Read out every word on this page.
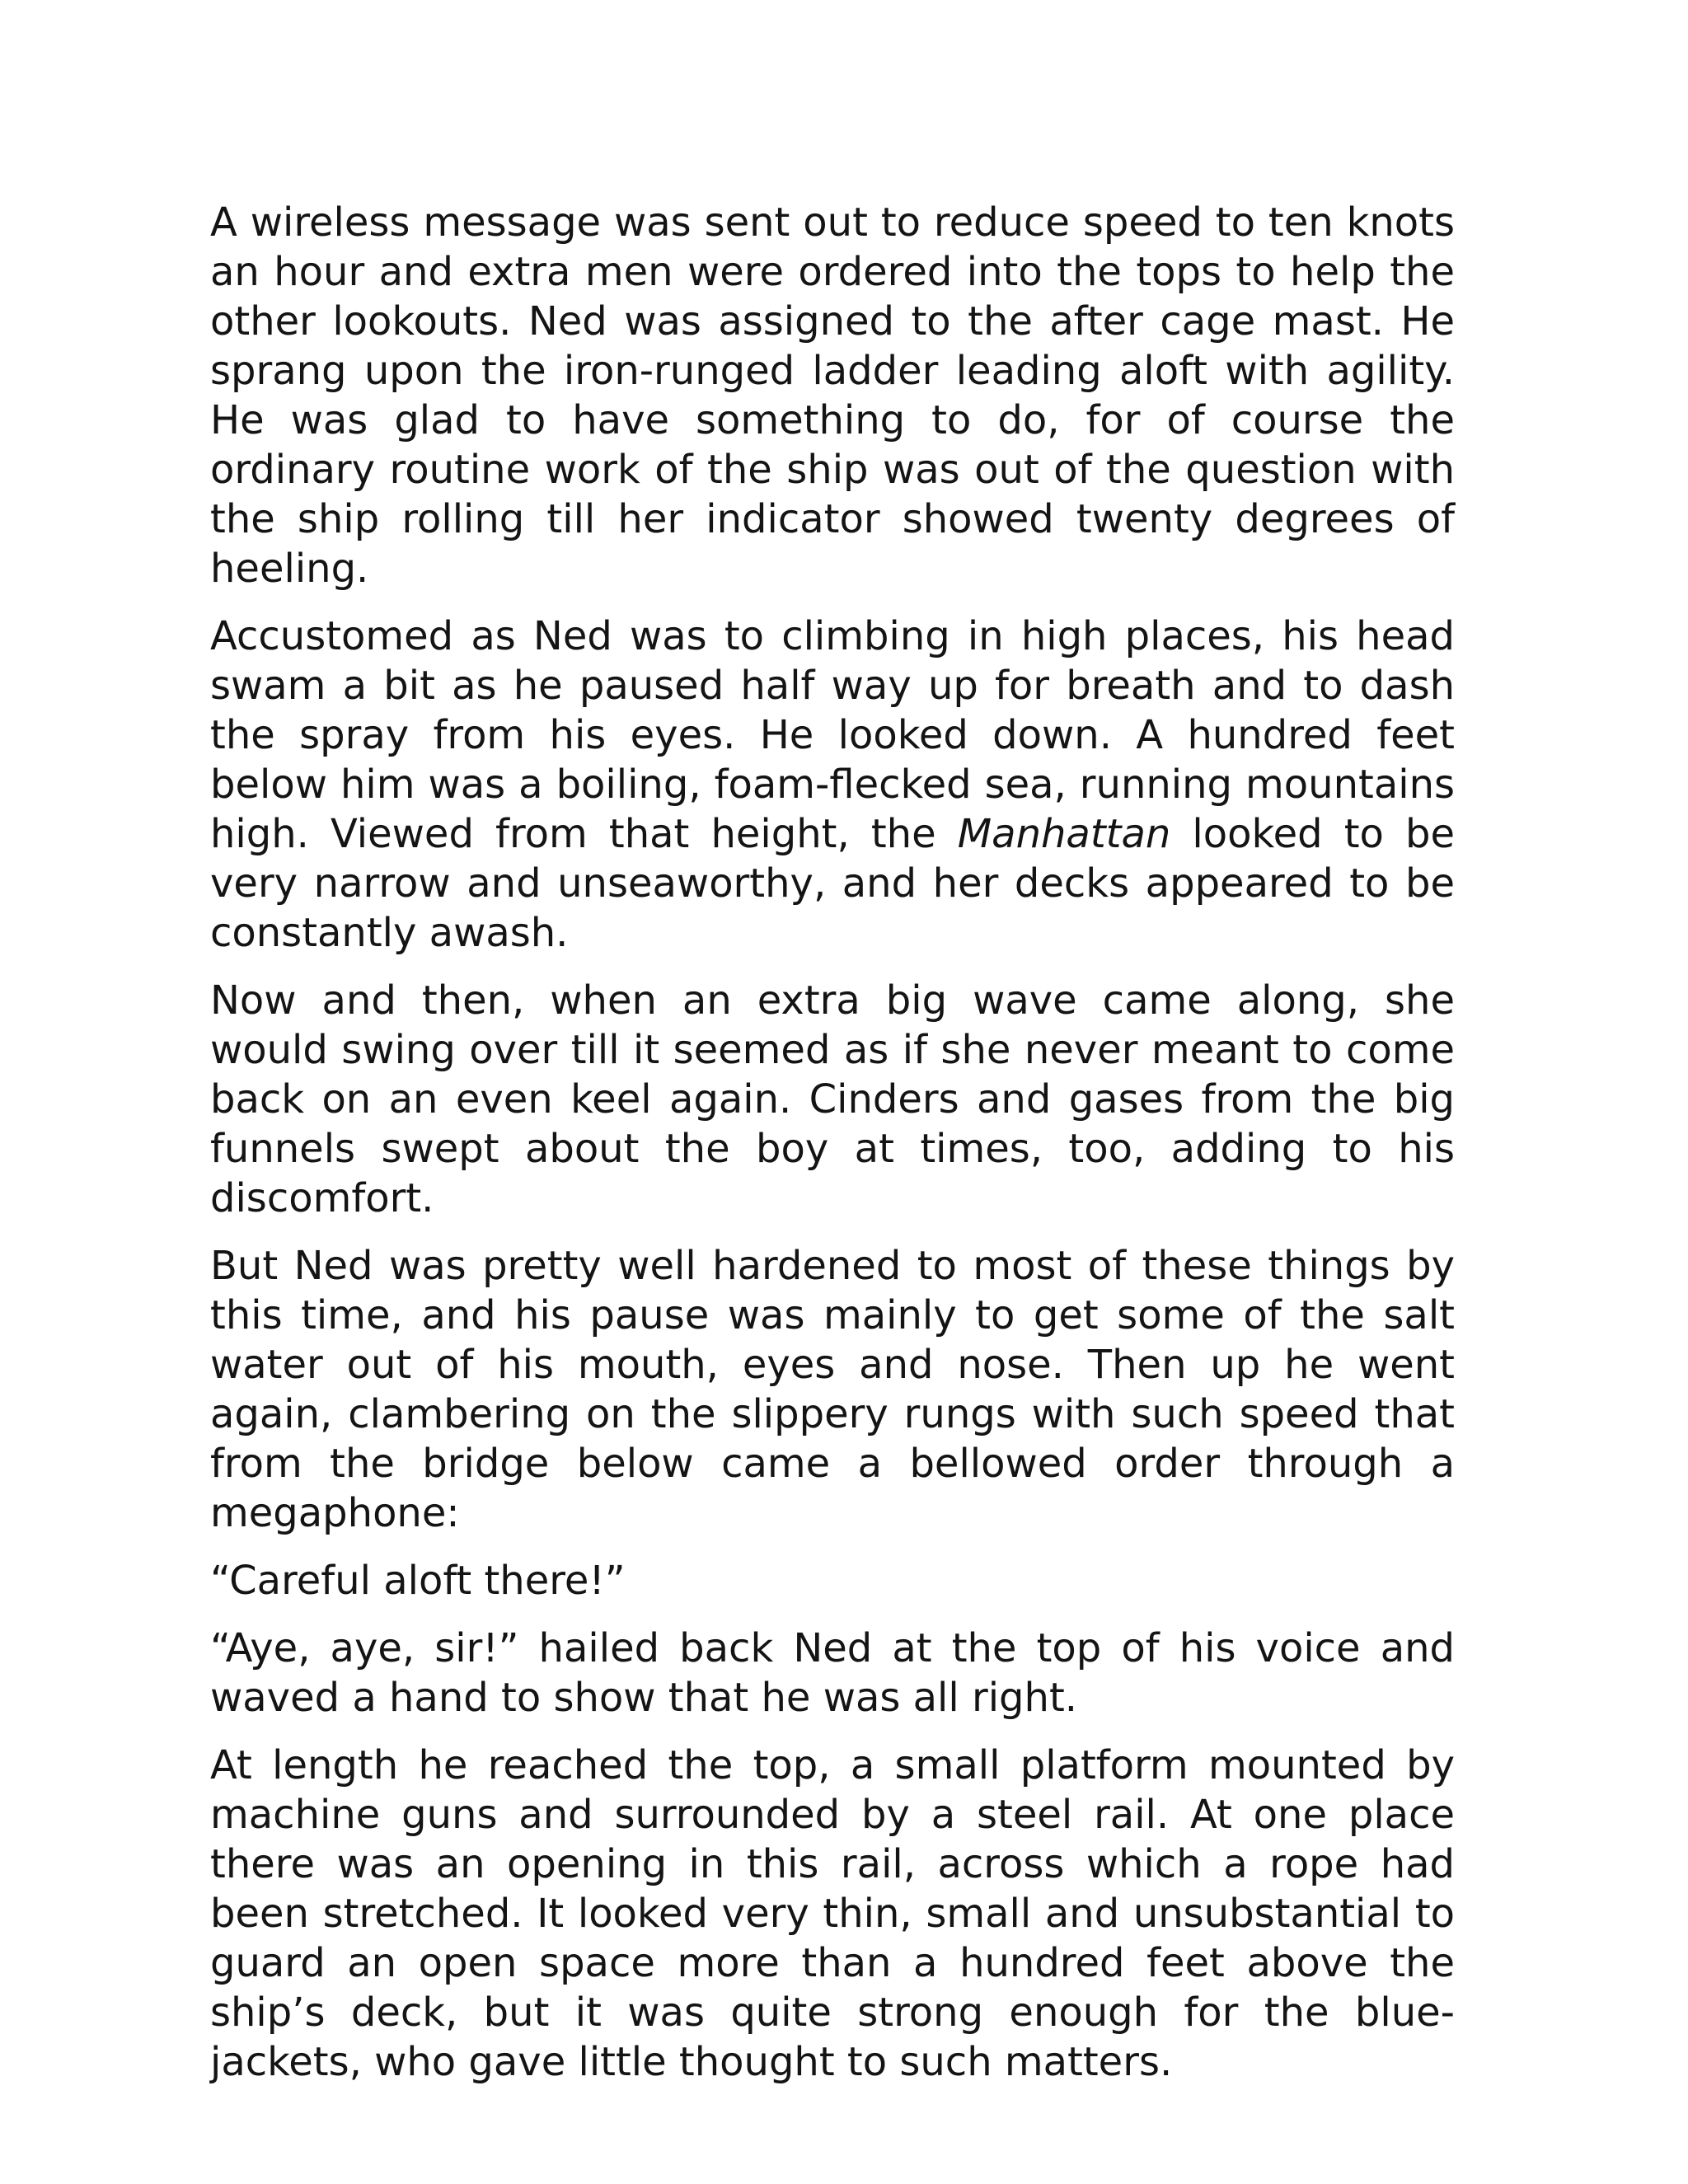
A wireless message was sent out to reduce speed to ten knots an hour and extra men were ordered into the tops to help the other lookouts. Ned was assigned to the after cage mast. He sprang upon the iron-runged ladder leading aloft with agility. He was glad to have something to do, for of course the ordinary routine work of the ship was out of the question with the ship rolling till her indicator showed twenty degrees of heeling.

Accustomed as Ned was to climbing in high places, his head swam a bit as he paused half way up for breath and to dash the spray from his eyes. He looked down. A hundred feet below him was a boiling, foam-flecked sea, running mountains high. Viewed from that height, the Manhattan looked to be very narrow and unseaworthy, and her decks appeared to be constantly awash.

Now and then, when an extra big wave came along, she would swing over till it seemed as if she never meant to come back on an even keel again. Cinders and gases from the big funnels swept about the boy at times, too, adding to his discomfort.

But Ned was pretty well hardened to most of these things by this time, and his pause was mainly to get some of the salt water out of his mouth, eyes and nose. Then up he went again, clambering on the slippery rungs with such speed that from the bridge below came a bellowed order through a megaphone:

“Careful aloft there!”

“Aye, aye, sir!” hailed back Ned at the top of his voice and waved a hand to show that he was all right.

At length he reached the top, a small platform mounted by machine guns and surrounded by a steel rail. At one place there was an opening in this rail, across which a rope had been stretched. It looked very thin, small and unsubstantial to guard an open space more than a hundred feet above the ship’s deck, but it was quite strong enough for the blue-jackets, who gave little thought to such matters.
